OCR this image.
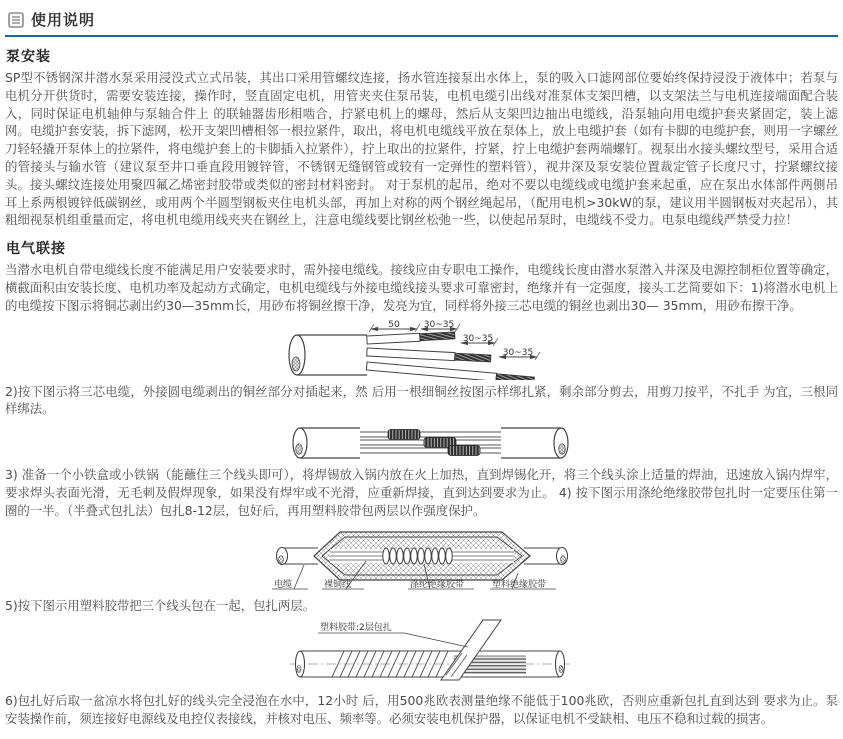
使用说明
泵安装

SP型不锈钢深井潜水泵采用浸没式立式吊装，其出口采用管螺纹连接，扬水管连接泵出水体上，泵的吸入口滤网部位要始终保持浸没于液体中；若泵与电机分开供货时，需要安装连接，操作时，竖直固定电机，用管夹夹住泵吊装，电机电缆引出线对准泵体支架凹槽，以支架法兰与电机连接端面配合装入，同时保证电机轴伸与泵轴合件上 的联轴器齿形相啮合，拧紧电机上的螺母，然后从支架凹边抽出电缆线，沿泵轴向用电缆护套夹紧固定，装上滤网。电缆护套安装，拆下滤网，松开支架凹槽相邻一根拉紧件，取出，将电机电缆线平放在泵体上，放上电缆护套（如有卡脚的电缆护套，则用一字螺丝刀轻轻撬开泵体上的拉紧件，将电缆护套上的卡脚插入拉紧件），拧上取出的拉紧件，拧紧，拧上电缆护套两端螺钉。视泵出水接头螺纹型号，采用合适的管接头与输水管（建议泵至井口垂直段用镀锌管，不锈钢无缝钢管或较有一定弹性的塑料管），视井深及泵安装位置裁定管子长度尺寸，拧紧螺纹接头。接头螺纹连接处用聚四氟乙烯密封胶带或类似的密封材料密封。 对于泵机的起吊，绝对不要以电缆线或电缆护套来起重，应在泵出水体部件两侧吊耳上系两根镀锌低碳钢丝，或用两个半圆型钢板夹住电机头部，再加上对称的两个钢丝绳起吊，（配用电机>30kW的泵，建议用半圆钢板对夹起吊），其粗细视泵机组重量而定，将电机电缆用线夹夹在钢丝上，注意电缆线要比钢丝松弛一些，以使起吊泵时，电缆线不受力。电泵电缆线严禁受力拉！

电气联接

当潜水电机自带电缆线长度不能满足用户安装要求时，需外接电缆线。接线应由专职电工操作，电缆线长度由潜水泵潜入井深及电源控制柜位置等确定，横截面积由安装长度、电机功率及起动方式确定，电机电缆线与外接电缆线接头要求可靠密封，绝缘并有一定强度，接头工艺简要如下：1)将潜水电机上的电缆按下图示将铜芯剥出约30—35mm长，用砂布将铜丝擦干净，发亮为宜，同样将外接三芯电缆的铜丝也剥出30— 35mm，用砂布擦干净。

50	30~35
30~35
30~35

2)按下图示将三芯电缆，外接圆电缆剥出的铜丝部分对插起来，然 后用一根细铜丝按图示样绑扎紧，剩余部分剪去，用剪刀按平，不扎手 为宜，三根同样绑法。

3) 准备一个小铁盒或小铁锅（能蘸住三个线头即可），将焊锡放入锅内放在火上加热，直到焊锡化开，将三个线头涂上适量的焊油，迅速放入锅内焊牢，要求焊头表面光滑，无毛刺及假焊现象，如果没有焊牢或不光滑，应重新焊接，直到达到要求为止。 4) 按下图示用涤纶绝缘胶带包扎时一定要压住第一圈的一半。（半叠式包扎法）包扎8-12层，包好后，再用塑料胶带包两层以作强度保护。

电缆	裸铜线	涤纶绝缘胶带	塑料绝缘胶带

5)按下图示用塑料胶带把三个线头包在一起，包扎两层。

塑料胶带:2层包扎

6)包扎好后取一盆凉水将包扎好的线头完全浸泡在水中，12小时 后，用500兆欧表测量绝缘不能低于100兆欧，否则应重新包扎直到达到 要求为止。泵安装操作前，须连接好电源线及电控仪表接线，并核对电压、频率等。必须安装电机保护器，以保证电机不受缺相、电压不稳和过载的损害。
